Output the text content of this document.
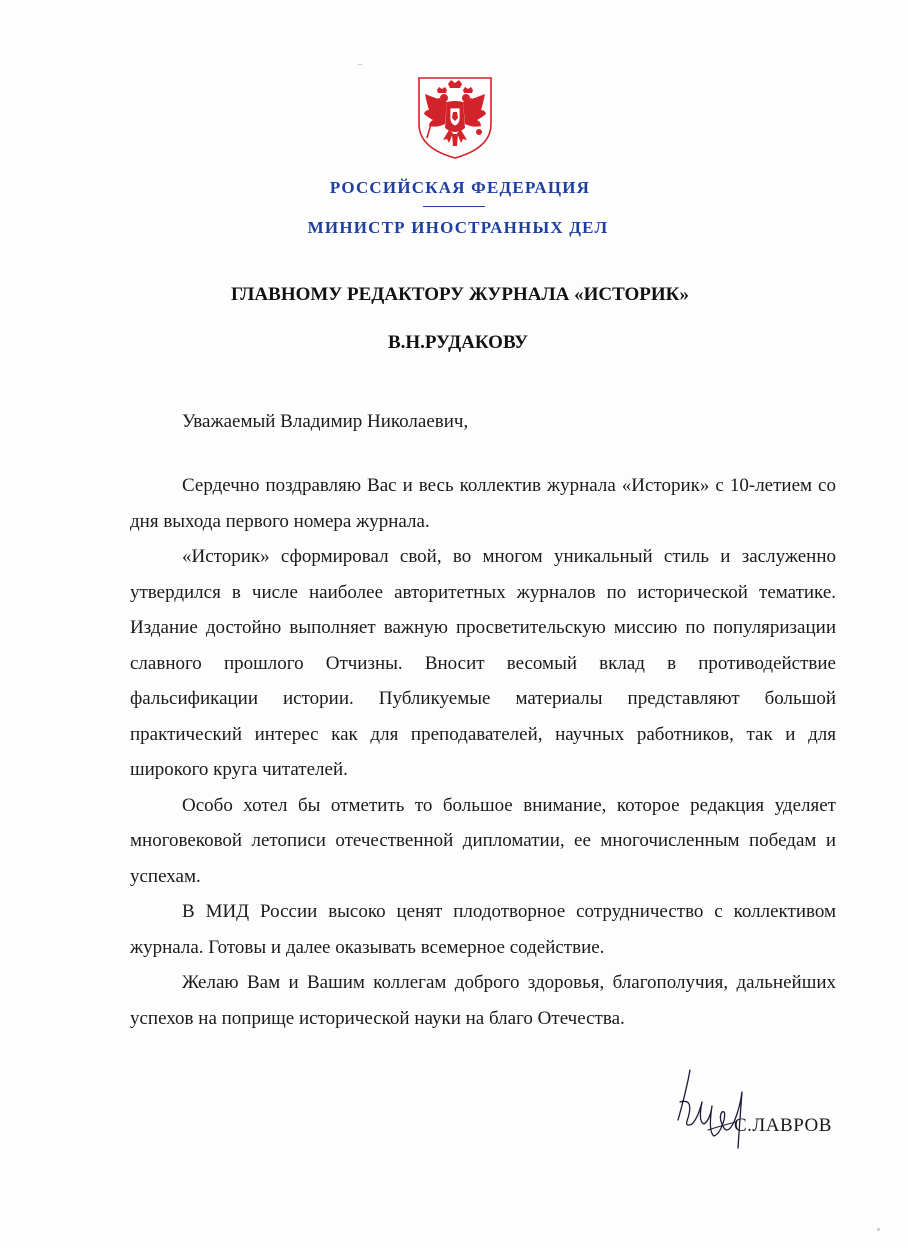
РОССИЙСКАЯ ФЕДЕРАЦИЯ
МИНИСТР ИНОСТРАННЫХ ДЕЛ
ГЛАВНОМУ РЕДАКТОРУ ЖУРНАЛА «ИСТОРИК»
В.Н.РУДАКОВУ
Уважаемый Владимир Николаевич,

Сердечно поздравляю Вас и весь коллектив журнала «Историк» с 10-летием со дня выхода первого номера журнала.

«Историк» сформировал свой, во многом уникальный стиль и заслуженно утвердился в числе наиболее авторитетных журналов по исторической тематике. Издание достойно выполняет важную просветительскую миссию по популяризации славного прошлого Отчизны. Вносит весомый вклад в противодействие фальсификации истории. Публикуемые материалы представляют большой практический интерес как для преподавателей, научных работников, так и для широкого круга читателей.

Особо хотел бы отметить то большое внимание, которое редакция уделяет многовековой летописи отечественной дипломатии, ее многочисленным победам и успехам.

В МИД России высоко ценят плодотворное сотрудничество с коллективом журнала. Готовы и далее оказывать всемерное содействие.

Желаю Вам и Вашим коллегам доброго здоровья, благополучия, дальнейших успехов на поприще исторической науки на благо Отечества.

С.ЛАВРОВ
